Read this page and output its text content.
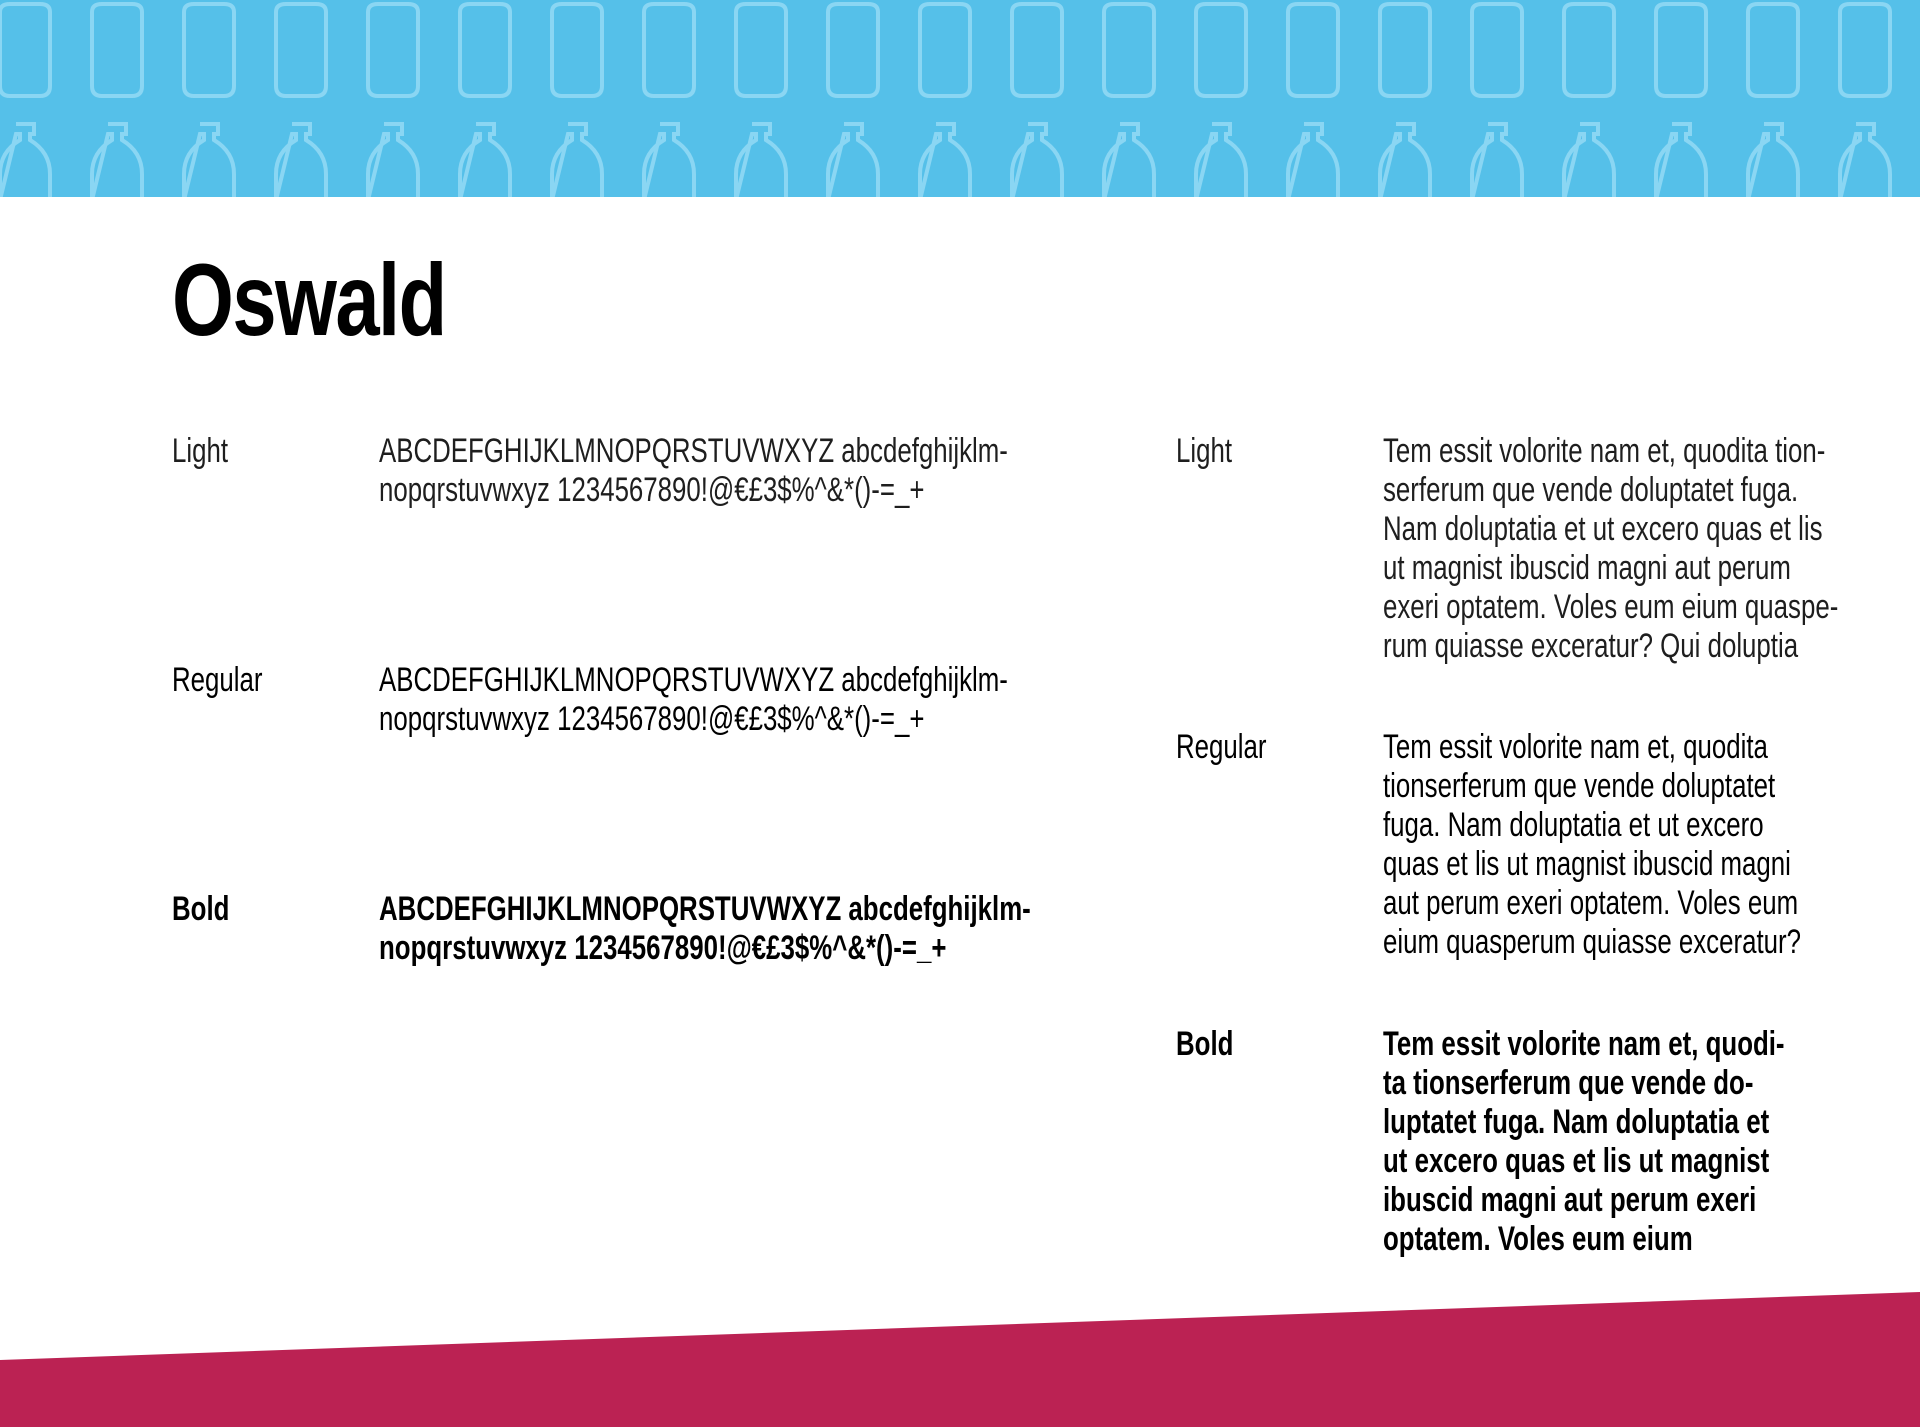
Oswald
Light	ABCDEFGHIJKLMNOPQRSTUVWXYZ abcdefghijklm-
nopqrstuvwxyz 1234567890!@€£3$%^&*()-=_+
Regular	ABCDEFGHIJKLMNOPQRSTUVWXYZ abcdefghijklm-
nopqrstuvwxyz 1234567890!@€£3$%^&*()-=_+
Bold	ABCDEFGHIJKLMNOPQRSTUVWXYZ abcdefghijklm-
nopqrstuvwxyz 1234567890!@€£3$%^&*()-=_+
Light	Tem essit volorite nam et, quodita tion-
serferum que vende doluptatet fuga.
Nam doluptatia et ut excero quas et lis
ut magnist ibuscid magni aut perum
exeri optatem. Voles eum eium quaspe-
rum quiasse exceratur? Qui doluptia
Regular	Tem essit volorite nam et, quodita
tionserferum que vende doluptatet
fuga. Nam doluptatia et ut excero
quas et lis ut magnist ibuscid magni
aut perum exeri optatem. Voles eum
eium quasperum quiasse exceratur?
Bold	Tem essit volorite nam et, quodi-
ta tionserferum que vende do-
luptatet fuga. Nam doluptatia et
ut excero quas et lis ut magnist
ibuscid magni aut perum exeri
optatem. Voles eum eium
